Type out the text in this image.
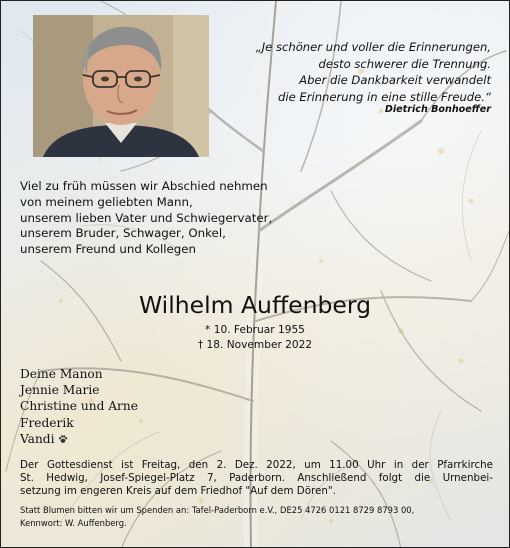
„Je schöner und voller die Erinnerungen,
desto schwerer die Trennung.
Aber die Dankbarkeit verwandelt
die Erinnerung in eine stille Freude.“
Dietrich Bonhoeffer
Viel zu früh müssen wir Abschied nehmen
von meinem geliebten Mann,
unserem lieben Vater und Schwiegervater,
unserem Bruder, Schwager, Onkel,
unserem Freund und Kollegen
Wilhelm Auffenberg
* 10. Februar 1955
† 18. November 2022
Deine Manon
Jennie Marie
Christine und Arne
Frederik
Vandi
Der Gottesdienst ist Freitag, den 2. Dez. 2022, um 11.00 Uhr in der Pfarrkirche
St. Hedwig, Josef-Spiegel-Platz 7, Paderborn. Anschließend folgt die Urnenbei-
setzung im engeren Kreis auf dem Friedhof "Auf dem Dören".
Statt Blumen bitten wir um Spenden an: Tafel-Paderborn e.V., DE25 4726 0121 8729 8793 00,
Kennwort: W. Auffenberg.
